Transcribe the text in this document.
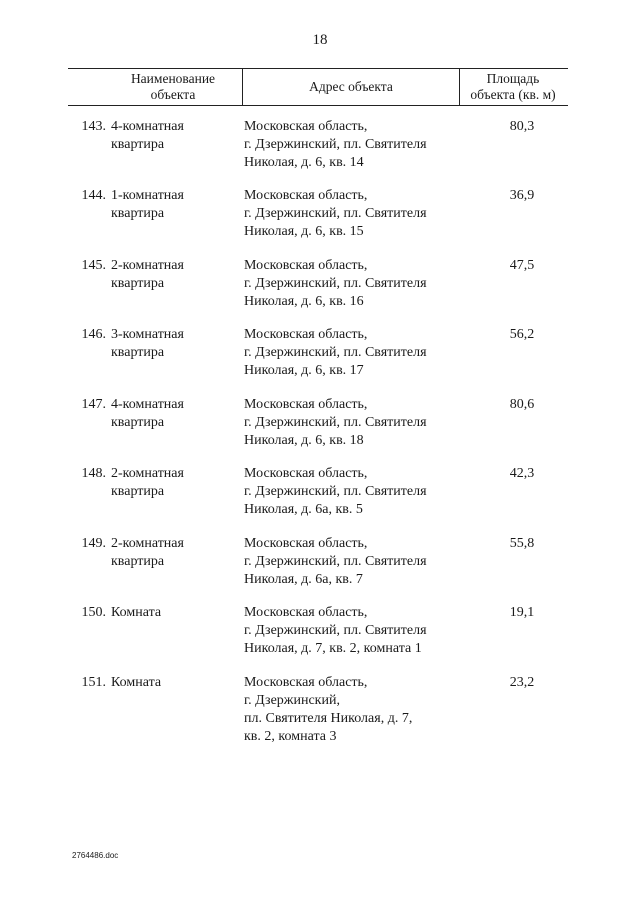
18
Наименование
объекта
Адрес объекта
Площадь
объекта (кв. м)
143. 4-комнатная
квартира
Московская область,
г. Дзержинский, пл. Святителя
Николая, д. 6, кв. 14
80,3
144. 1-комнатная
квартира
Московская область,
г. Дзержинский, пл. Святителя
Николая, д. 6, кв. 15
36,9
145. 2-комнатная
квартира
Московская область,
г. Дзержинский, пл. Святителя
Николая, д. 6, кв. 16
47,5
146. 3-комнатная
квартира
Московская область,
г. Дзержинский, пл. Святителя
Николая, д. 6, кв. 17
56,2
147. 4-комнатная
квартира
Московская область,
г. Дзержинский, пл. Святителя
Николая, д. 6, кв. 18
80,6
148. 2-комнатная
квартира
Московская область,
г. Дзержинский, пл. Святителя
Николая, д. 6а, кв. 5
42,3
149. 2-комнатная
квартира
Московская область,
г. Дзержинский, пл. Святителя
Николая, д. 6а, кв. 7
55,8
150. Комната	Московская область,
г. Дзержинский, пл. Святителя
Николая, д. 7, кв. 2, комната 1
19,1
151. Комната	Московская область,
г. Дзержинский,
пл. Святителя Николая, д. 7,
кв. 2, комната 3
23,2
2764486.doc
